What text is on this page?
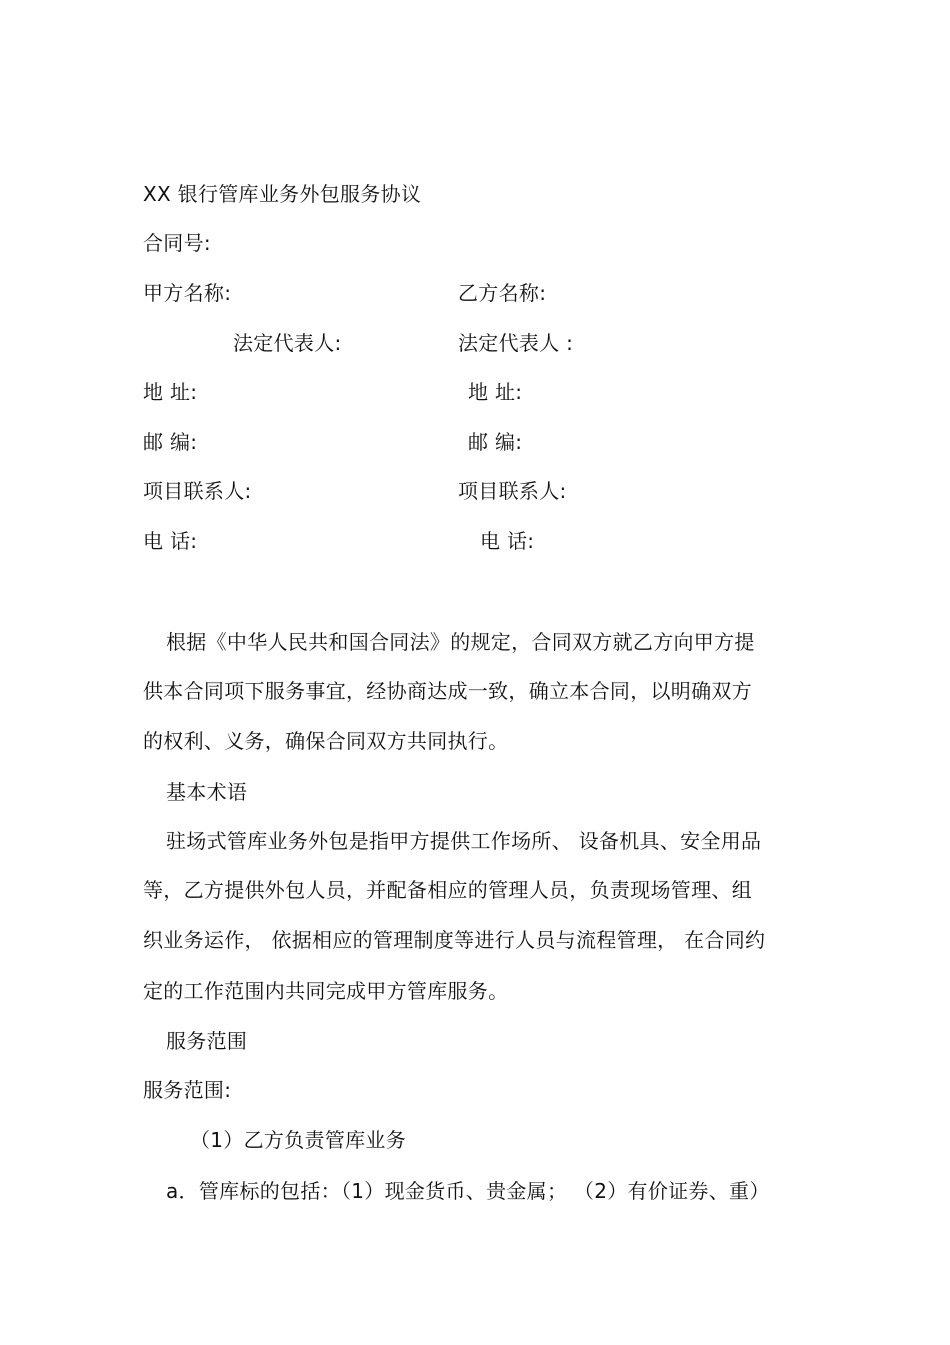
XX 银行管库业务外包服务协议
合同号:
甲方名称:	乙方名称:
法定代表人:	法定代表人 :
地 址:	地 址:
邮 编:	邮 编:
项目联系人:	项目联系人:
电 话:	电 话:
根据《中华人民共和国合同法》的规定，合同双方就乙方向甲方提
供本合同项下服务事宜，经协商达成一致，确立本合同，以明确双方
的权利、义务，确保合同双方共同执行。
基本术语
驻场式管库业务外包是指甲方提供工作场所、 设备机具、安全用品
等，乙方提供外包人员，并配备相应的管理人员，负责现场管理、组
织业务运作， 依据相应的管理制度等进行人员与流程管理， 在合同约
定的工作范围内共同完成甲方管库服务。
服务范围
服务范围:
（1）乙方负责管库业务
a．管库标的包括：（1）现金货币、贵金属； （2）有价证券、重）
